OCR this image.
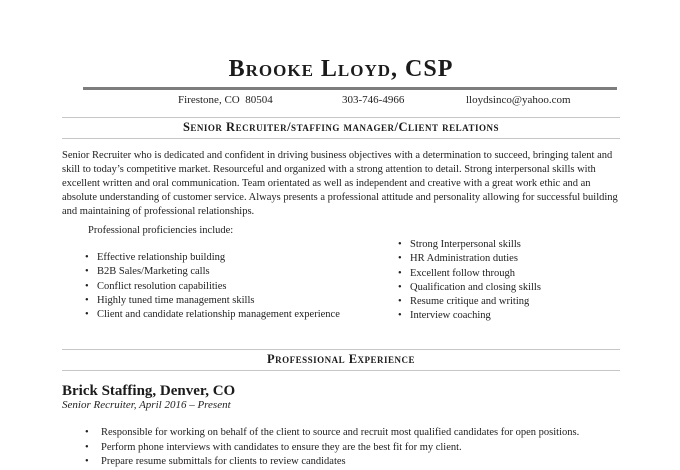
Brooke Lloyd, CSP
Firestone, CO  80504	303-746-4966	lloydsinco@yahoo.com
Senior Recruiter/staffing manager/Client relations

Senior Recruiter who is dedicated and confident in driving business objectives with a determination to succeed, bringing talent and skill to today’s competitive market. Resourceful and organized with a strong attention to detail. Strong interpersonal skills with excellent written and oral communication. Team orientated as well as independent and creative with a great work ethic and an absolute understanding of customer service. Always presents a professional attitude and personality allowing for successful building and maintaining of professional relationships.

Professional proficiencies include:

• Effective relationship building
• B2B Sales/Marketing calls
• Conflict resolution capabilities
• Highly tuned time management skills
• Client and candidate relationship management experience
• Strong Interpersonal skills
• HR Administration duties
• Excellent follow through
• Qualification and closing skills
• Resume critique and writing
• Interview coaching
Professional Experience
Brick Staffing, Denver, CO
Senior Recruiter, April 2016 – Present
• Responsible for working on behalf of the client to source and recruit most qualified candidates for open positions.
• Perform phone interviews with candidates to ensure they are the best fit for my client.
• Prepare resume submittals for clients to review candidates
